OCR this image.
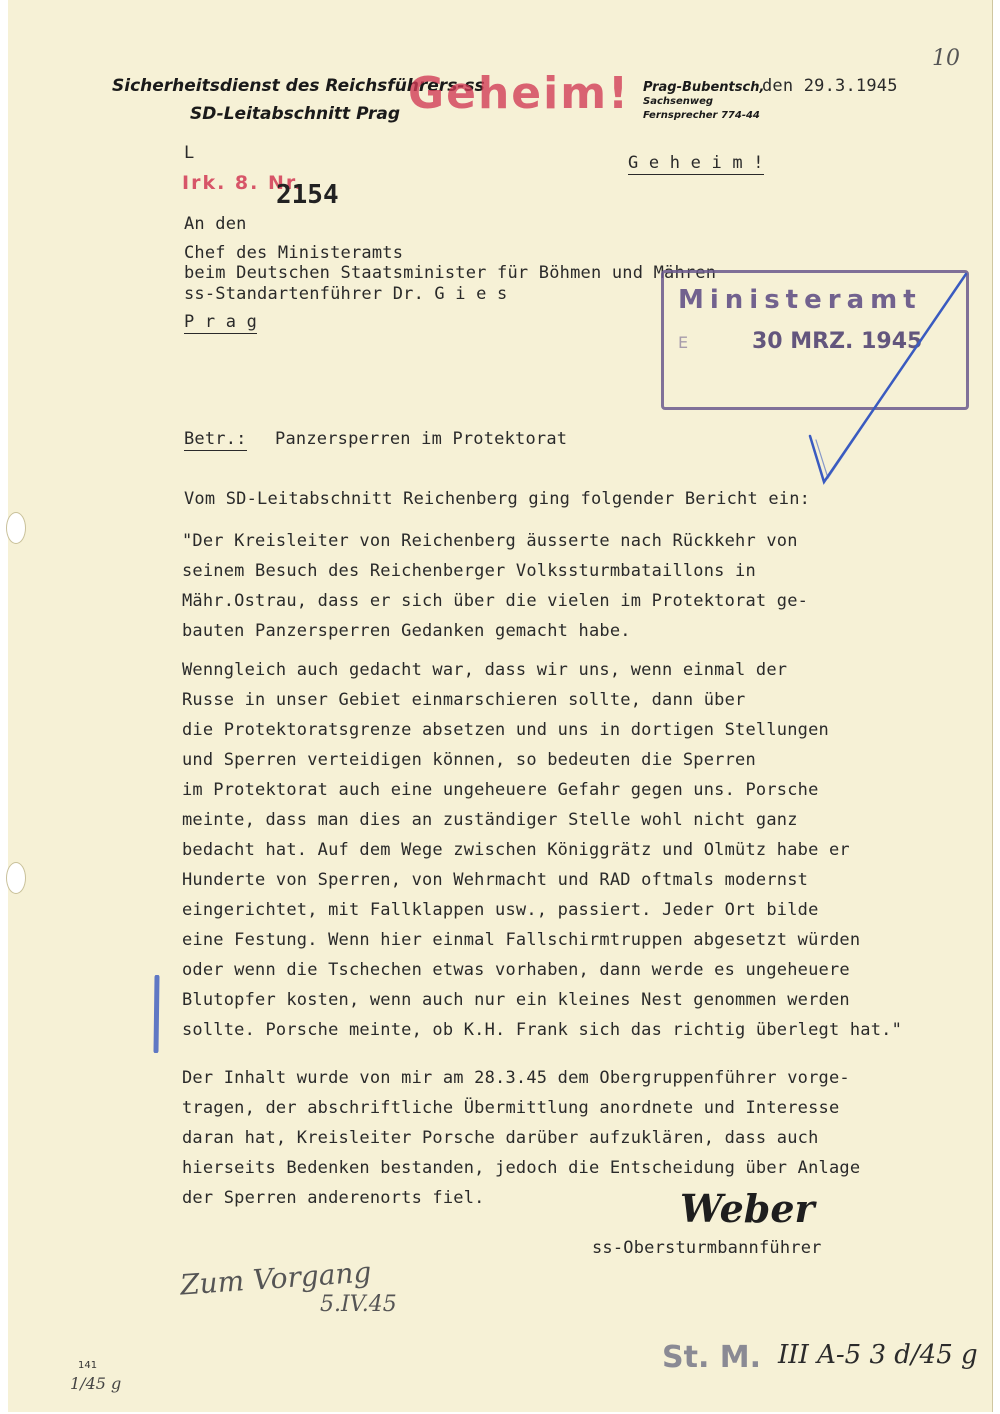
10
Sicherheitsdienst des Reichsführers-ss
SD-Leitabschnitt Prag Geheim! Prag-Bubentsch,
Sachsenweg
Fernsprecher 774-44
den 29.3.1945
L
Irk. 8. Nr.
2154
G e h e i m !
An den
Chef des Ministeramts
beim Deutschen Staatsminister für Böhmen und Mähren
ss-Standartenführer Dr. G i e s
P r a g
Ministeramt
E	30 MRZ. 1945
Betr.: Panzersperren im Protektorat
Vom SD-Leitabschnitt Reichenberg ging folgender Bericht ein:
"Der Kreisleiter von Reichenberg äusserte nach Rückkehr von
seinem Besuch des Reichenberger Volkssturmbataillons in
Mähr.Ostrau, dass er sich über die vielen im Protektorat ge-
bauten Panzersperren Gedanken gemacht habe.
Wenngleich auch gedacht war, dass wir uns, wenn einmal der
Russe in unser Gebiet einmarschieren sollte, dann über
die Protektoratsgrenze absetzen und uns in dortigen Stellungen
und Sperren verteidigen können, so bedeuten die Sperren
im Protektorat auch eine ungeheuere Gefahr gegen uns. Porsche
meinte, dass man dies an zuständiger Stelle wohl nicht ganz
bedacht hat. Auf dem Wege zwischen Königgrätz und Olmütz habe er
Hunderte von Sperren, von Wehrmacht und RAD oftmals modernst
eingerichtet, mit Fallklappen usw., passiert. Jeder Ort bilde
eine Festung. Wenn hier einmal Fallschirmtruppen abgesetzt würden
oder wenn die Tschechen etwas vorhaben, dann werde es ungeheuere
Blutopfer kosten, wenn auch nur ein kleines Nest genommen werden
sollte. Porsche meinte, ob K.H. Frank sich das richtig überlegt hat."
Der Inhalt wurde von mir am 28.3.45 dem Obergruppenführer vorge-
tragen, der abschriftliche Übermittlung anordnete und Interesse
daran hat, Kreisleiter Porsche darüber aufzuklären, dass auch
hierseits Bedenken bestanden, jedoch die Entscheidung über Anlage
der Sperren anderenorts fiel.	Weber
ss-Obersturmbannführer
Zum Vorgang
5.IV.45
St. M. III A-5 3 d/45 g
141
1/45 g
